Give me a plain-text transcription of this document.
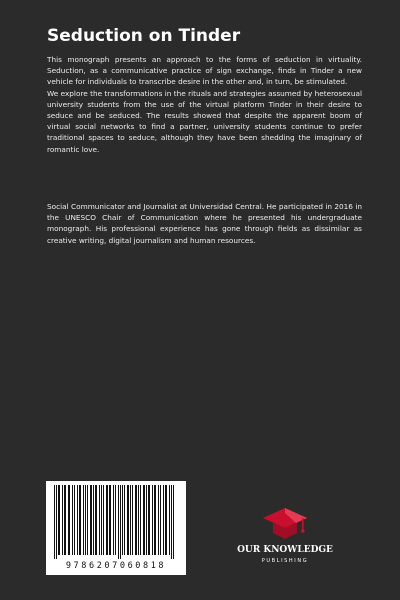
Seduction on Tinder

This monograph presents an approach to the forms of seduction in virtuality. Seduction, as a communicative practice of sign exchange, finds in Tinder a new vehicle for individuals to transcribe desire in the other and, in turn, be stimulated.

We explore the transformations in the rituals and strategies assumed by heterosexual university students from the use of the virtual platform Tinder in their desire to seduce and be seduced. The results showed that despite the apparent boom of virtual social networks to find a partner, university students continue to prefer traditional spaces to seduce, although they have been shedding the imaginary of romantic love.

Social Communicator and Journalist at Universidad Central. He participated in 2016 in the UNESCO Chair of Communication where he presented his undergraduate monograph. His professional experience has gone through fields as dissimilar as creative writing, digital journalism and human resources.
9786207060818
OUR KNOWLEDGE
PUBLISHING
